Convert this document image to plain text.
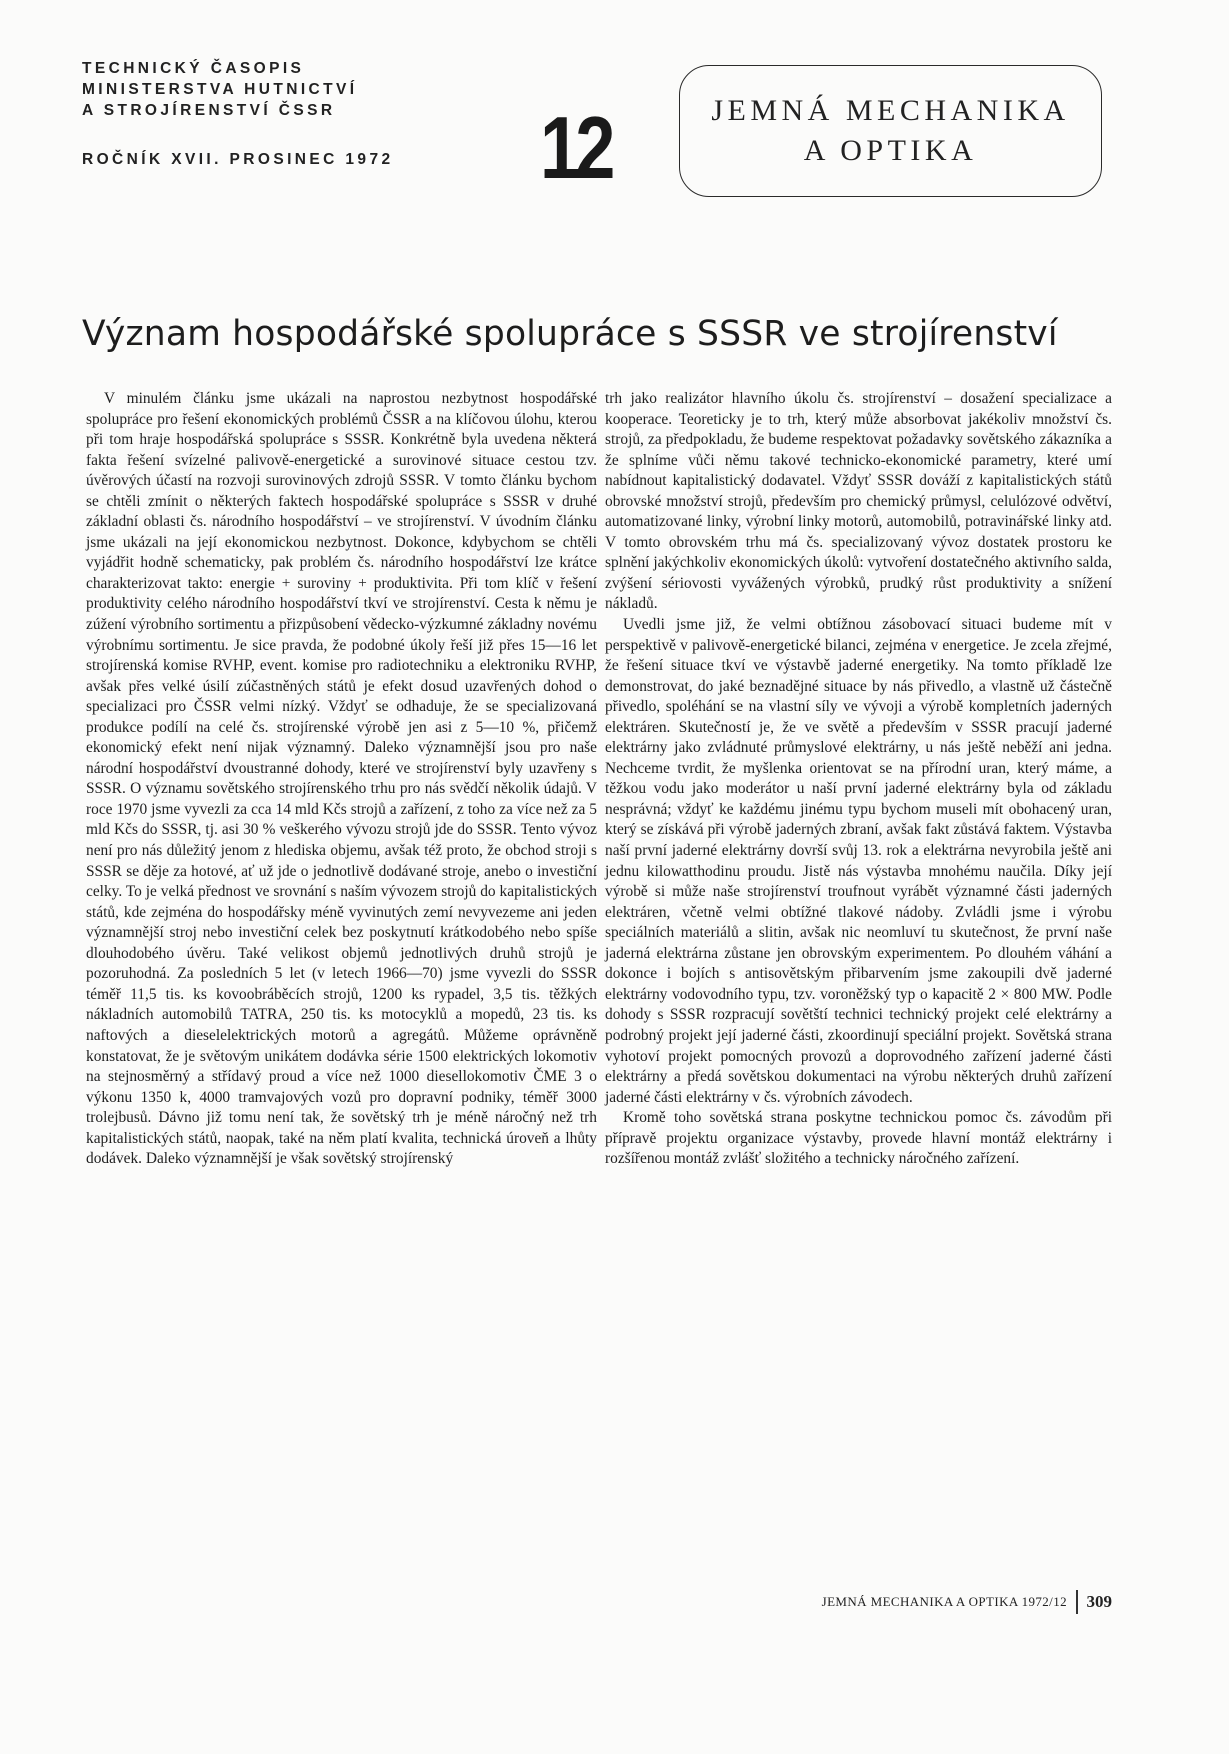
TECHNICKÝ ČASOPIS
MINISTERSTVA HUTNICTVÍ
A STROJÍRENSTVÍ ČSSR
ROČNÍK XVII. PROSINEC 1972 12	JEMNÁ MECHANIKA
A OPTIKA
Význam hospodářské spolupráce s SSSR ve strojírenství

V minulém článku jsme ukázali na naprostou nezbytnost hospodářské spolupráce pro řešení ekonomických problémů ČSSR a na klíčovou úlohu, kterou při tom hraje hospodářská spolupráce s SSSR. Konkrétně byla uvedena některá fakta řešení svízelné palivově-energetické a surovinové situace cestou tzv. úvěrových účastí na rozvoji surovinových zdrojů SSSR. V tomto článku bychom se chtěli zmínit o některých faktech hospodářské spolupráce s SSSR v druhé základní oblasti čs. národního hospodářství – ve strojírenství. V úvodním článku jsme ukázali na její ekonomickou nezbytnost. Dokonce, kdybychom se chtěli vyjádřit hodně schematicky, pak problém čs. národního hospodářství lze krátce charakterizovat takto: energie + suroviny + produktivita. Při tom klíč v řešení produktivity celého národního hospodářství tkví ve strojírenství. Cesta k němu je zúžení výrobního sortimentu a přizpůsobení vědecko-výzkumné základny novému výrobnímu sortimentu. Je sice pravda, že podobné úkoly řeší již přes 15—16 let strojírenská komise RVHP, event. komise pro radiotechniku a elektroniku RVHP, avšak přes velké úsilí zúčastněných států je efekt dosud uzavřených dohod o specializaci pro ČSSR velmi nízký. Vždyť se odhaduje, že se specializovaná produkce podílí na celé čs. strojírenské výrobě jen asi z 5—10 %, přičemž ekonomický efekt není nijak významný. Daleko významnější jsou pro naše národní hospodářství dvoustranné dohody, které ve strojírenství byly uzavřeny s SSSR. O významu sovětského strojírenského trhu pro nás svědčí několik údajů. V roce 1970 jsme vyvezli za cca 14 mld Kčs strojů a zařízení, z toho za více než za 5 mld Kčs do SSSR, tj. asi 30 % veškerého vývozu strojů jde do SSSR. Tento vývoz není pro nás důležitý jenom z hlediska objemu, avšak též proto, že obchod stroji s SSSR se děje za hotové, ať už jde o jednotlivě dodávané stroje, anebo o investiční celky. To je velká přednost ve srovnání s naším vývozem strojů do kapitalistických států, kde zejména do hospodářsky méně vyvinutých zemí nevyvezeme ani jeden významnější stroj nebo investiční celek bez poskytnutí krátkodobého nebo spíše dlouhodobého úvěru. Také velikost objemů jednotlivých druhů strojů je pozoruhodná. Za posledních 5 let (v letech 1966—70) jsme vyvezli do SSSR téměř 11,5 tis. ks kovoobráběcích strojů, 1200 ks rypadel, 3,5 tis. těžkých nákladních automobilů TATRA, 250 tis. ks motocyklů a mopedů, 23 tis. ks naftových a dieselelektrických motorů a agregátů. Můžeme oprávněně konstatovat, že je světovým unikátem dodávka série 1500 elektrických lokomotiv na stejnosměrný a střídavý proud a více než 1000 diesellokomotiv ČME 3 o výkonu 1350 k, 4000 tramvajových vozů pro dopravní podniky, téměř 3000 trolejbusů. Dávno již tomu není tak, že sovětský trh je méně náročný než trh kapitalistických států, naopak, také na něm platí kvalita, technická úroveň a lhůty dodávek. Daleko významnější je však sovětský strojírenský

trh jako realizátor hlavního úkolu čs. strojírenství – dosažení specializace a kooperace. Teoreticky je to trh, který může absorbovat jakékoliv množství čs. strojů, za předpokladu, že budeme respektovat požadavky sovětského zákazníka a že splníme vůči němu takové technicko-ekonomické parametry, které umí nabídnout kapitalistický dodavatel. Vždyť SSSR dováží z kapitalistických států obrovské množství strojů, především pro chemický průmysl, celulózové odvětví, automatizované linky, výrobní linky motorů, automobilů, potravinářské linky atd. V tomto obrovském trhu má čs. specializovaný vývoz dostatek prostoru ke splnění jakýchkoliv ekonomických úkolů: vytvoření dostatečného aktivního salda, zvýšení sériovosti vyvážených výrobků, prudký růst produktivity a snížení nákladů.

Uvedli jsme již, že velmi obtížnou zásobovací situaci budeme mít v perspektivě v palivově-energetické bilanci, zejména v energetice. Je zcela zřejmé, že řešení situace tkví ve výstavbě jaderné energetiky. Na tomto příkladě lze demonstrovat, do jaké beznadějné situace by nás přivedlo, a vlastně už částečně přivedlo, spoléhání se na vlastní síly ve vývoji a výrobě kompletních jaderných elektráren. Skutečností je, že ve světě a především v SSSR pracují jaderné elektrárny jako zvládnuté průmyslové elektrárny, u nás ještě neběží ani jedna. Nechceme tvrdit, že myšlenka orientovat se na přírodní uran, který máme, a těžkou vodu jako moderátor u naší první jaderné elektrárny byla od základu nesprávná; vždyť ke každému jinému typu bychom museli mít obohacený uran, který se získává při výrobě jaderných zbraní, avšak fakt zůstává faktem. Výstavba naší první jaderné elektrárny dovrší svůj 13. rok a elektrárna nevyrobila ještě ani jednu kilowatthodinu proudu. Jistě nás výstavba mnohému naučila. Díky její výrobě si může naše strojírenství troufnout vyrábět významné části jaderných elektráren, včetně velmi obtížné tlakové nádoby. Zvládli jsme i výrobu speciálních materiálů a slitin, avšak nic neomluví tu skutečnost, že první naše jaderná elektrárna zůstane jen obrovským experimentem. Po dlouhém váhání a dokonce i bojích s antisovětským přibarvením jsme zakoupili dvě jaderné elektrárny vodovodního typu, tzv. voroněžský typ o kapacitě 2 × 800 MW. Podle dohody s SSSR rozpracují sovětští technici technický projekt celé elektrárny a podrobný projekt její jaderné části, zkoordinují speciální projekt. Sovětská strana vyhotoví projekt pomocných provozů a doprovodného zařízení jaderné části elektrárny a předá sovětskou dokumentaci na výrobu některých druhů zařízení jaderné části elektrárny v čs. výrobních závodech.

Kromě toho sovětská strana poskytne technickou pomoc čs. závodům při přípravě projektu organizace výstavby, provede hlavní montáž elektrárny i rozšířenou montáž zvlášť složitého a technicky náročného zařízení.

JEMNÁ MECHANIKA A OPTIKA 1972/12 309
